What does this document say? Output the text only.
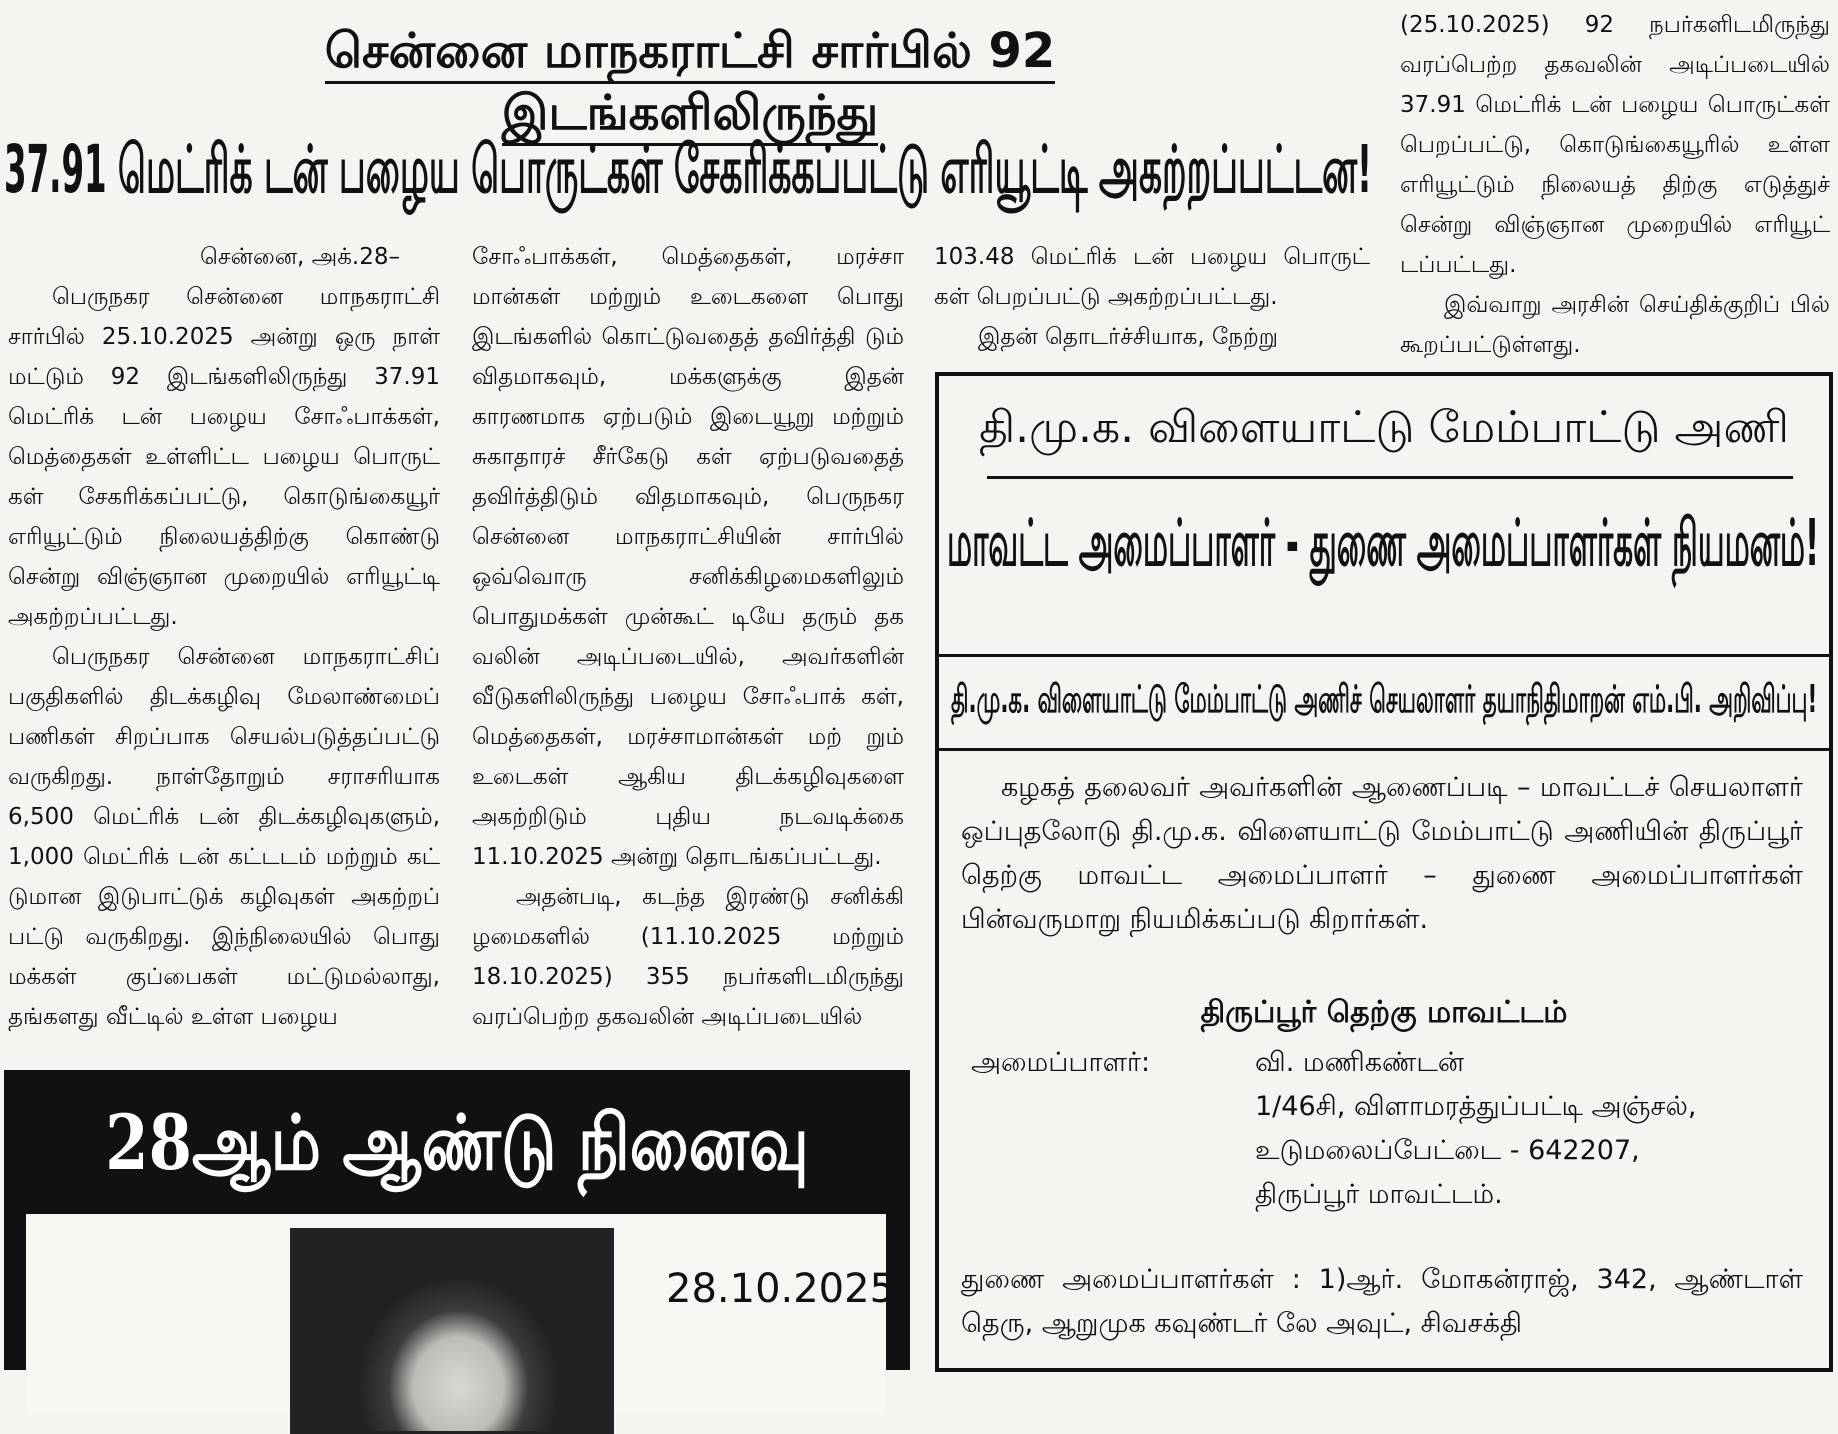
சென்னை மாநகராட்சி சார்பில் 92 இடங்களிலிருந்து
37.91 மெட்ரிக் டன் பழைய பொருட்கள் சேகரிக்கப்பட்டு எரியூட்டி அகற்றப்பட்டன!

சென்னை, அக்.28–

பெருநகர சென்னை மாநகராட்சி சார்பில் 25.10.2025 அன்று ஒரு நாள் மட்டும் 92 இடங்களிலிருந்து 37.91 மெட்ரிக் டன் பழைய சோஃபாக்கள், மெத்தைகள் உள்ளிட்ட பழைய பொருட் கள் சேகரிக்கப்பட்டு, கொடுங்கையூர் எரியூட்டும் நிலையத்திற்கு கொண்டு சென்று விஞ்ஞான முறையில் எரியூட்டி அகற்றப்பட்டது.

பெருநகர சென்னை மாநகராட்சிப் பகுதிகளில் திடக்கழிவு மேலாண்மைப் பணிகள் சிறப்பாக செயல்படுத்தப்பட்டு வருகிறது. நாள்தோறும் சராசரியாக 6,500 மெட்ரிக் டன் திடக்கழிவுகளும், 1,000 மெட்ரிக் டன் கட்டடம் மற்றும் கட் டுமான இடுபாட்டுக் கழிவுகள் அகற்றப் பட்டு வருகிறது. இந்நிலையில் பொது மக்கள் குப்பைகள் மட்டுமல்லாது, தங்களது வீட்டில் உள்ள பழைய

சோஃபாக்கள், மெத்தைகள், மரச்சா மான்கள் மற்றும் உடைகளை பொது இடங்களில் கொட்டுவதைத் தவிர்த்தி டும் விதமாகவும், மக்களுக்கு இதன் காரணமாக ஏற்படும் இடையூறு மற்றும் சுகாதாரச் சீர்கேடு கள் ஏற்படுவதைத் தவிர்த்திடும் விதமாகவும், பெருநகர சென்னை மாநகராட்சியின் சார்பில் ஒவ்வொரு சனிக்கிழமைகளிலும் பொதுமக்கள் முன்கூட் டியே தரும் தக வலின் அடிப்படையில், அவர்களின் வீடுகளிலிருந்து பழைய சோஃபாக் கள், மெத்தைகள், மரச்சாமான்கள் மற் றும் உடைகள் ஆகிய திடக்கழிவுகளை அகற்றிடும் புதிய நடவடிக்கை 11.10.2025 அன்று தொடங்கப்பட்டது.

அதன்படி, கடந்த இரண்டு சனிக்கி ழமைகளில் (11.10.2025 மற்றும் 18.10.2025) 355 நபர்களிடமிருந்து வரப்பெற்ற தகவலின் அடிப்படையில்

103.48 மெட்ரிக் டன் பழைய பொருட் கள் பெறப்பட்டு அகற்றப்பட்டது.

இதன் தொடர்ச்சியாக, நேற்று

(25.10.2025) 92 நபர்களிடமிருந்து வரப்பெற்ற தகவலின் அடிப்படையில் 37.91 மெட்ரிக் டன் பழைய பொருட்கள் பெறப்பட்டு, கொடுங்கையூரில் உள்ள எரியூட்டும் நிலையத் திற்கு எடுத்துச் சென்று விஞ்ஞான முறையில் எரியூட் டப்பட்டது.

இவ்வாறு அரசின் செய்திக்குறிப் பில் கூறப்பட்டுள்ளது.

தி.மு.க. விளையாட்டு மேம்பாட்டு அணி
மாவட்ட அமைப்பாளர் - துணை அமைப்பாளர்கள் நியமனம்!
தி.மு.க. விளையாட்டு மேம்பாட்டு அணிச் செயலாளர் தயாநிதிமாறன் எம்.பி. அறிவிப்பு!

கழகத் தலைவர் அவர்களின் ஆணைப்படி – மாவட்டச் செயலாளர் ஒப்புதலோடு தி.மு.க. விளையாட்டு மேம்பாட்டு அணியின் திருப்பூர் தெற்கு மாவட்ட அமைப்பாளர் – துணை அமைப்பாளர்கள் பின்வருமாறு நியமிக்கப்படு கிறார்கள்.

திருப்பூர் தெற்கு மாவட்டம்
அமைப்பாளர்:	வி. மணிகண்டன்
1/46சி, விளாமரத்துப்பட்டி அஞ்சல்,
உடுமலைப்பேட்டை - 642207,
திருப்பூர் மாவட்டம்.
துணை அமைப்பாளர்கள் : 1)ஆர். மோகன்ராஜ், 342, ஆண்டாள் தெரு, ஆறுமுக கவுண்டர் லே அவுட், சிவசக்தி
28ஆம் ஆண்டு நினைவு
28.10.2025
